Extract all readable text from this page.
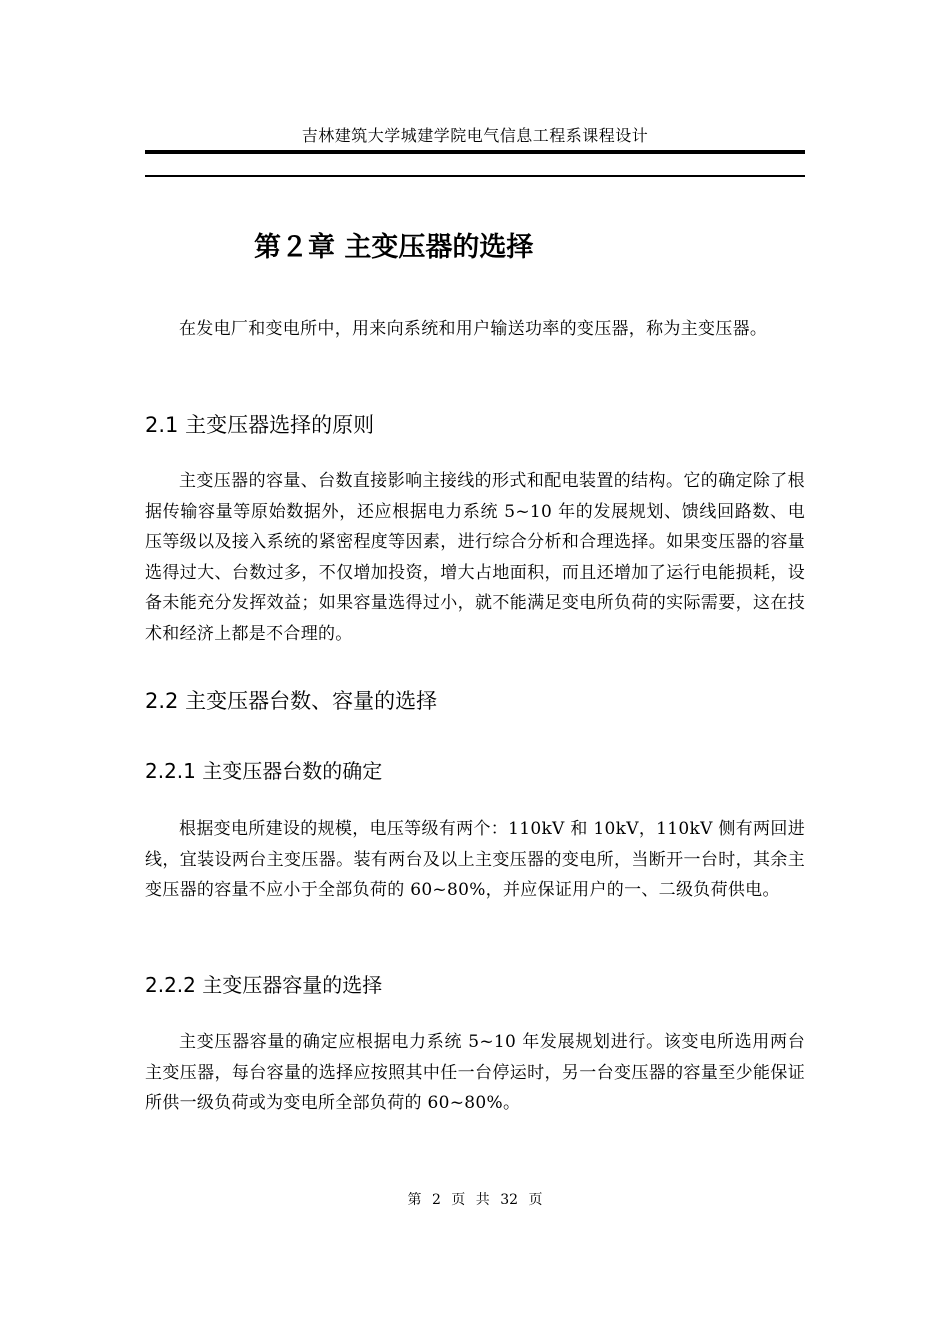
吉林建筑大学城建学院电气信息工程系课程设计
第２章 主变压器的选择

在发电厂和变电所中，用来向系统和用户输送功率的变压器，称为主变压器。

2.1 主变压器选择的原则

主变压器的容量、台数直接影响主接线的形式和配电装置的结构。它的确定除了根据传输容量等原始数据外，还应根据电力系统 5~10 年的发展规划、馈线回路数、电压等级以及接入系统的紧密程度等因素，进行综合分析和合理选择。如果变压器的容量选得过大、台数过多，不仅增加投资，增大占地面积，而且还增加了运行电能损耗，设备未能充分发挥效益；如果容量选得过小，就不能满足变电所负荷的实际需要，这在技术和经济上都是不合理的。

2.2 主变压器台数、容量的选择
2.2.1 主变压器台数的确定

根据变电所建设的规模，电压等级有两个：110kV 和 10kV，110kV 侧有两回进线，宜装设两台主变压器。装有两台及以上主变压器的变电所，当断开一台时，其余主变压器的容量不应小于全部负荷的 60~80%，并应保证用户的一、二级负荷供电。

2.2.2 主变压器容量的选择

主变压器容量的确定应根据电力系统 5~10 年发展规划进行。该变电所选用两台主变压器，每台容量的选择应按照其中任一台停运时，另一台变压器的容量至少能保证所供一级负荷或为变电所全部负荷的 60~80%。

第 2 页 共 32 页
